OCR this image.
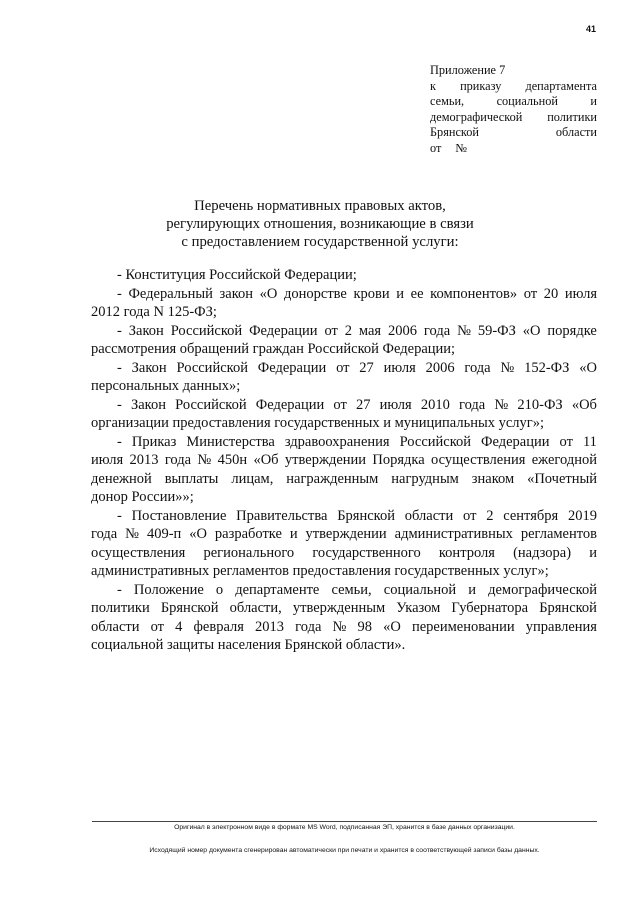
41
Приложение 7
к приказу департамента
семьи,	социальной	и
демографической политики
Брянской	области
от №
Перечень нормативных правовых актов,
регулирующих отношения, возникающие в связи
с предоставлением государственной услуги:
- Конституция Российской Федерации;
- Федеральный закон «О донорстве крови и ее компонентов» от 20 июля
2012 года N 125-ФЗ;
- Закон Российской Федерации от 2 мая 2006 года № 59-ФЗ «О порядке
рассмотрения обращений граждан Российской Федерации;
- Закон Российской Федерации от 27 июля 2006 года № 152-ФЗ «О
персональных данных»;
- Закон Российской Федерации от 27 июля 2010 года № 210-ФЗ «Об
организации предоставления государственных и муниципальных услуг»;
- Приказ Министерства здравоохранения Российской Федерации от 11
июля 2013 года № 450н «Об утверждении Порядка осуществления ежегодной
денежной выплаты лицам, награжденным нагрудным знаком «Почетный
донор России»»;
- Постановление Правительства Брянской области от 2 сентября 2019
года № 409-п «О разработке и утверждении административных регламентов
осуществления регионального государственного контроля (надзора) и
административных регламентов предоставления государственных услуг»;
- Положение о департаменте семьи, социальной и демографической
политики Брянской области, утвержденным Указом Губернатора Брянской
области от 4 февраля 2013 года № 98 «О переименовании управления
социальной защиты населения Брянской области».
Оригинал в электронном виде в формате MS Word, подписанная ЭП, хранится в базе данных организации.
Исходящий номер документа сгенерирован автоматически при печати и хранится в соответствующей записи базы данных.
